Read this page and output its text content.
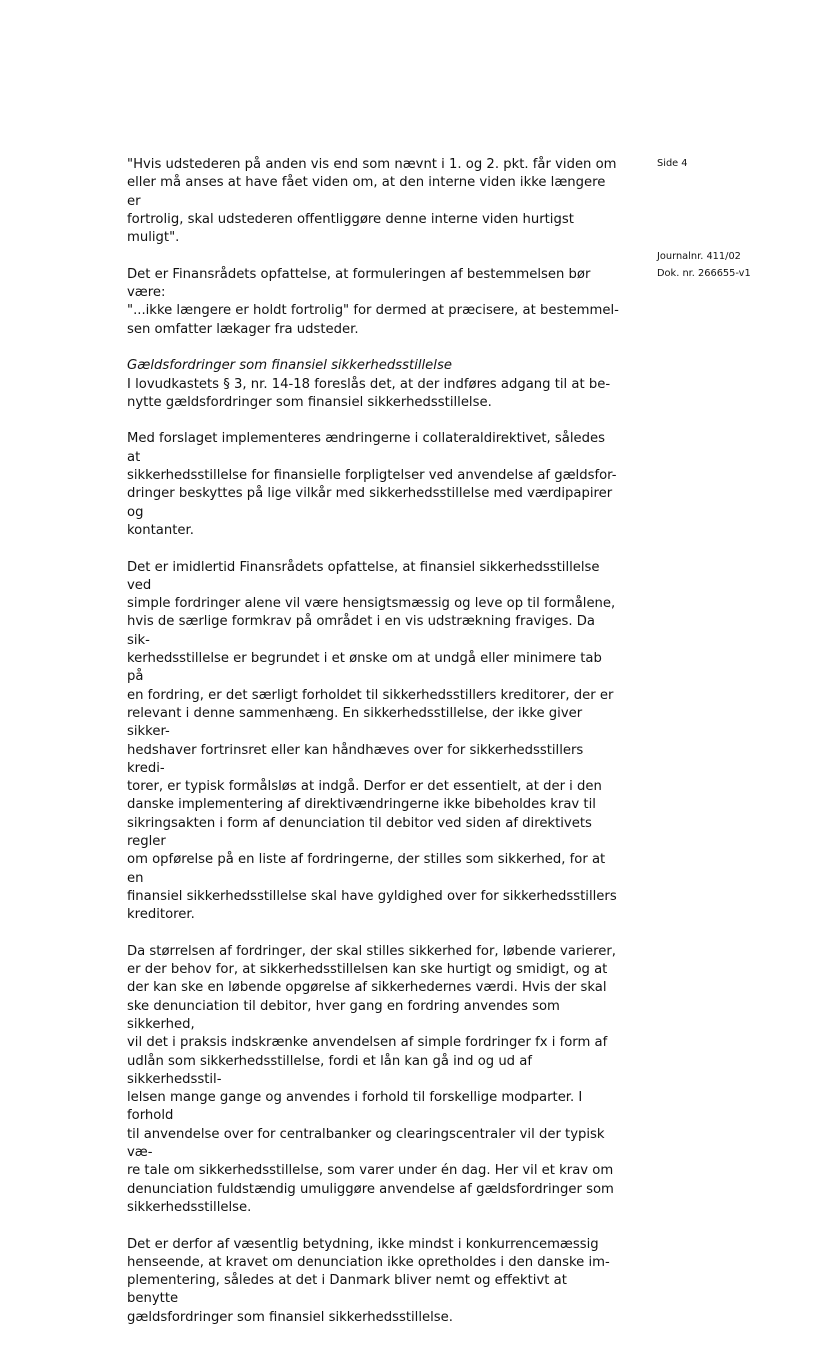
Side 4
Journalnr. 411/02
Dok. nr. 266655-v1

"Hvis udstederen på anden vis end som nævnt i 1. og 2. pkt. får viden om
eller må anses at have fået viden om, at den interne viden ikke længere er
fortrolig, skal udstederen offentliggøre denne interne viden hurtigst muligt".

Det er Finansrådets opfattelse, at formuleringen af bestemmelsen bør være:
"...ikke længere er holdt fortrolig" for dermed at præcisere, at bestemmel-
sen omfatter lækager fra udsteder.

Gældsfordringer som finansiel sikkerhedsstillelse
I lovudkastets § 3, nr. 14-18 foreslås det, at der indføres adgang til at be-
nytte gældsfordringer som finansiel sikkerhedsstillelse.

Med forslaget implementeres ændringerne i collateraldirektivet, således at
sikkerhedsstillelse for finansielle forpligtelser ved anvendelse af gældsfor-
dringer beskyttes på lige vilkår med sikkerhedsstillelse med værdipapirer og
kontanter.

Det er imidlertid Finansrådets opfattelse, at finansiel sikkerhedsstillelse ved
simple fordringer alene vil være hensigtsmæssig og leve op til formålene,
hvis de særlige formkrav på området i en vis udstrækning fraviges. Da sik-
kerhedsstillelse er begrundet i et ønske om at undgå eller minimere tab på
en fordring, er det særligt forholdet til sikkerhedsstillers kreditorer, der er
relevant i denne sammenhæng. En sikkerhedsstillelse, der ikke giver sikker-
hedshaver fortrinsret eller kan håndhæves over for sikkerhedsstillers kredi-
torer, er typisk formålsløs at indgå. Derfor er det essentielt, at der i den
danske implementering af direktivændringerne ikke bibeholdes krav til
sikringsakten i form af denunciation til debitor ved siden af direktivets regler
om opførelse på en liste af fordringerne, der stilles som sikkerhed, for at en
finansiel sikkerhedsstillelse skal have gyldighed over for sikkerhedsstillers
kreditorer.

Da størrelsen af fordringer, der skal stilles sikkerhed for, løbende varierer,
er der behov for, at sikkerhedsstillelsen kan ske hurtigt og smidigt, og at
der kan ske en løbende opgørelse af sikkerhedernes værdi. Hvis der skal
ske denunciation til debitor, hver gang en fordring anvendes som sikkerhed,
vil det i praksis indskrænke anvendelsen af simple fordringer fx i form af
udlån som sikkerhedsstillelse, fordi et lån kan gå ind og ud af sikkerhedsstil-
lelsen mange gange og anvendes i forhold til forskellige modparter. I forhold
til anvendelse over for centralbanker og clearingscentraler vil der typisk væ-
re tale om sikkerhedsstillelse, som varer under én dag. Her vil et krav om
denunciation fuldstændig umuliggøre anvendelse af gældsfordringer som
sikkerhedsstillelse.

Det er derfor af væsentlig betydning, ikke mindst i konkurrencemæssig
henseende, at kravet om denunciation ikke opretholdes i den danske im-
plementering, således at det i Danmark bliver nemt og effektivt at benytte
gældsfordringer som finansiel sikkerhedsstillelse.
